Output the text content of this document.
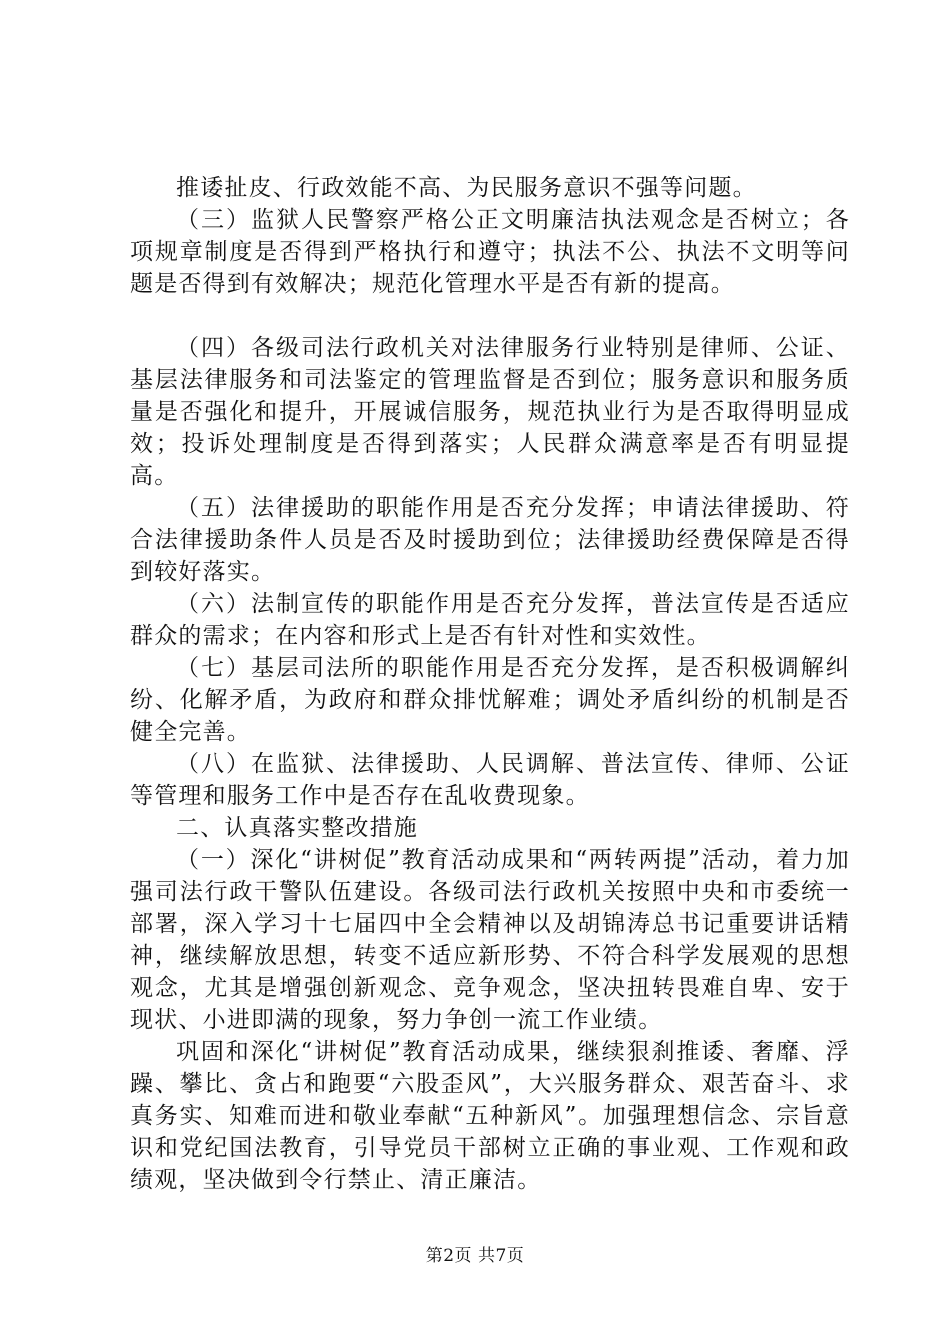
推诿扯皮、行政效能不高、为民服务意识不强等问题。

（三）监狱人民警察严格公正文明廉洁执法观念是否树立；各项规章制度是否得到严格执行和遵守；执法不公、执法不文明等问题是否得到有效解决；规范化管理水平是否有新的提高。

（四）各级司法行政机关对法律服务行业特别是律师、公证、基层法律服务和司法鉴定的管理监督是否到位；服务意识和服务质量是否强化和提升，开展诚信服务，规范执业行为是否取得明显成效；投诉处理制度是否得到落实；人民群众满意率是否有明显提高。

（五）法律援助的职能作用是否充分发挥；申请法律援助、符合法律援助条件人员是否及时援助到位；法律援助经费保障是否得到较好落实。

（六）法制宣传的职能作用是否充分发挥，普法宣传是否适应群众的需求；在内容和形式上是否有针对性和实效性。

（七）基层司法所的职能作用是否充分发挥，是否积极调解纠纷、化解矛盾，为政府和群众排忧解难；调处矛盾纠纷的机制是否健全完善。

（八）在监狱、法律援助、人民调解、普法宣传、律师、公证等管理和服务工作中是否存在乱收费现象。

二、认真落实整改措施

（一）深化“讲树促”教育活动成果和“两转两提”活动，着力加强司法行政干警队伍建设。各级司法行政机关按照中央和市委统一部署，深入学习十七届四中全会精神以及胡锦涛总书记重要讲话精神，继续解放思想，转变不适应新形势、不符合科学发展观的思想观念，尤其是增强创新观念、竞争观念，坚决扭转畏难自卑、安于现状、小进即满的现象，努力争创一流工作业绩。

巩固和深化“讲树促”教育活动成果，继续狠刹推诿、奢靡、浮躁、攀比、贪占和跑要“六股歪风”，大兴服务群众、艰苦奋斗、求真务实、知难而进和敬业奉献“五种新风”。加强理想信念、宗旨意识和党纪国法教育，引导党员干部树立正确的事业观、工作观和政绩观，坚决做到令行禁止、清正廉洁。

第2页 共7页
